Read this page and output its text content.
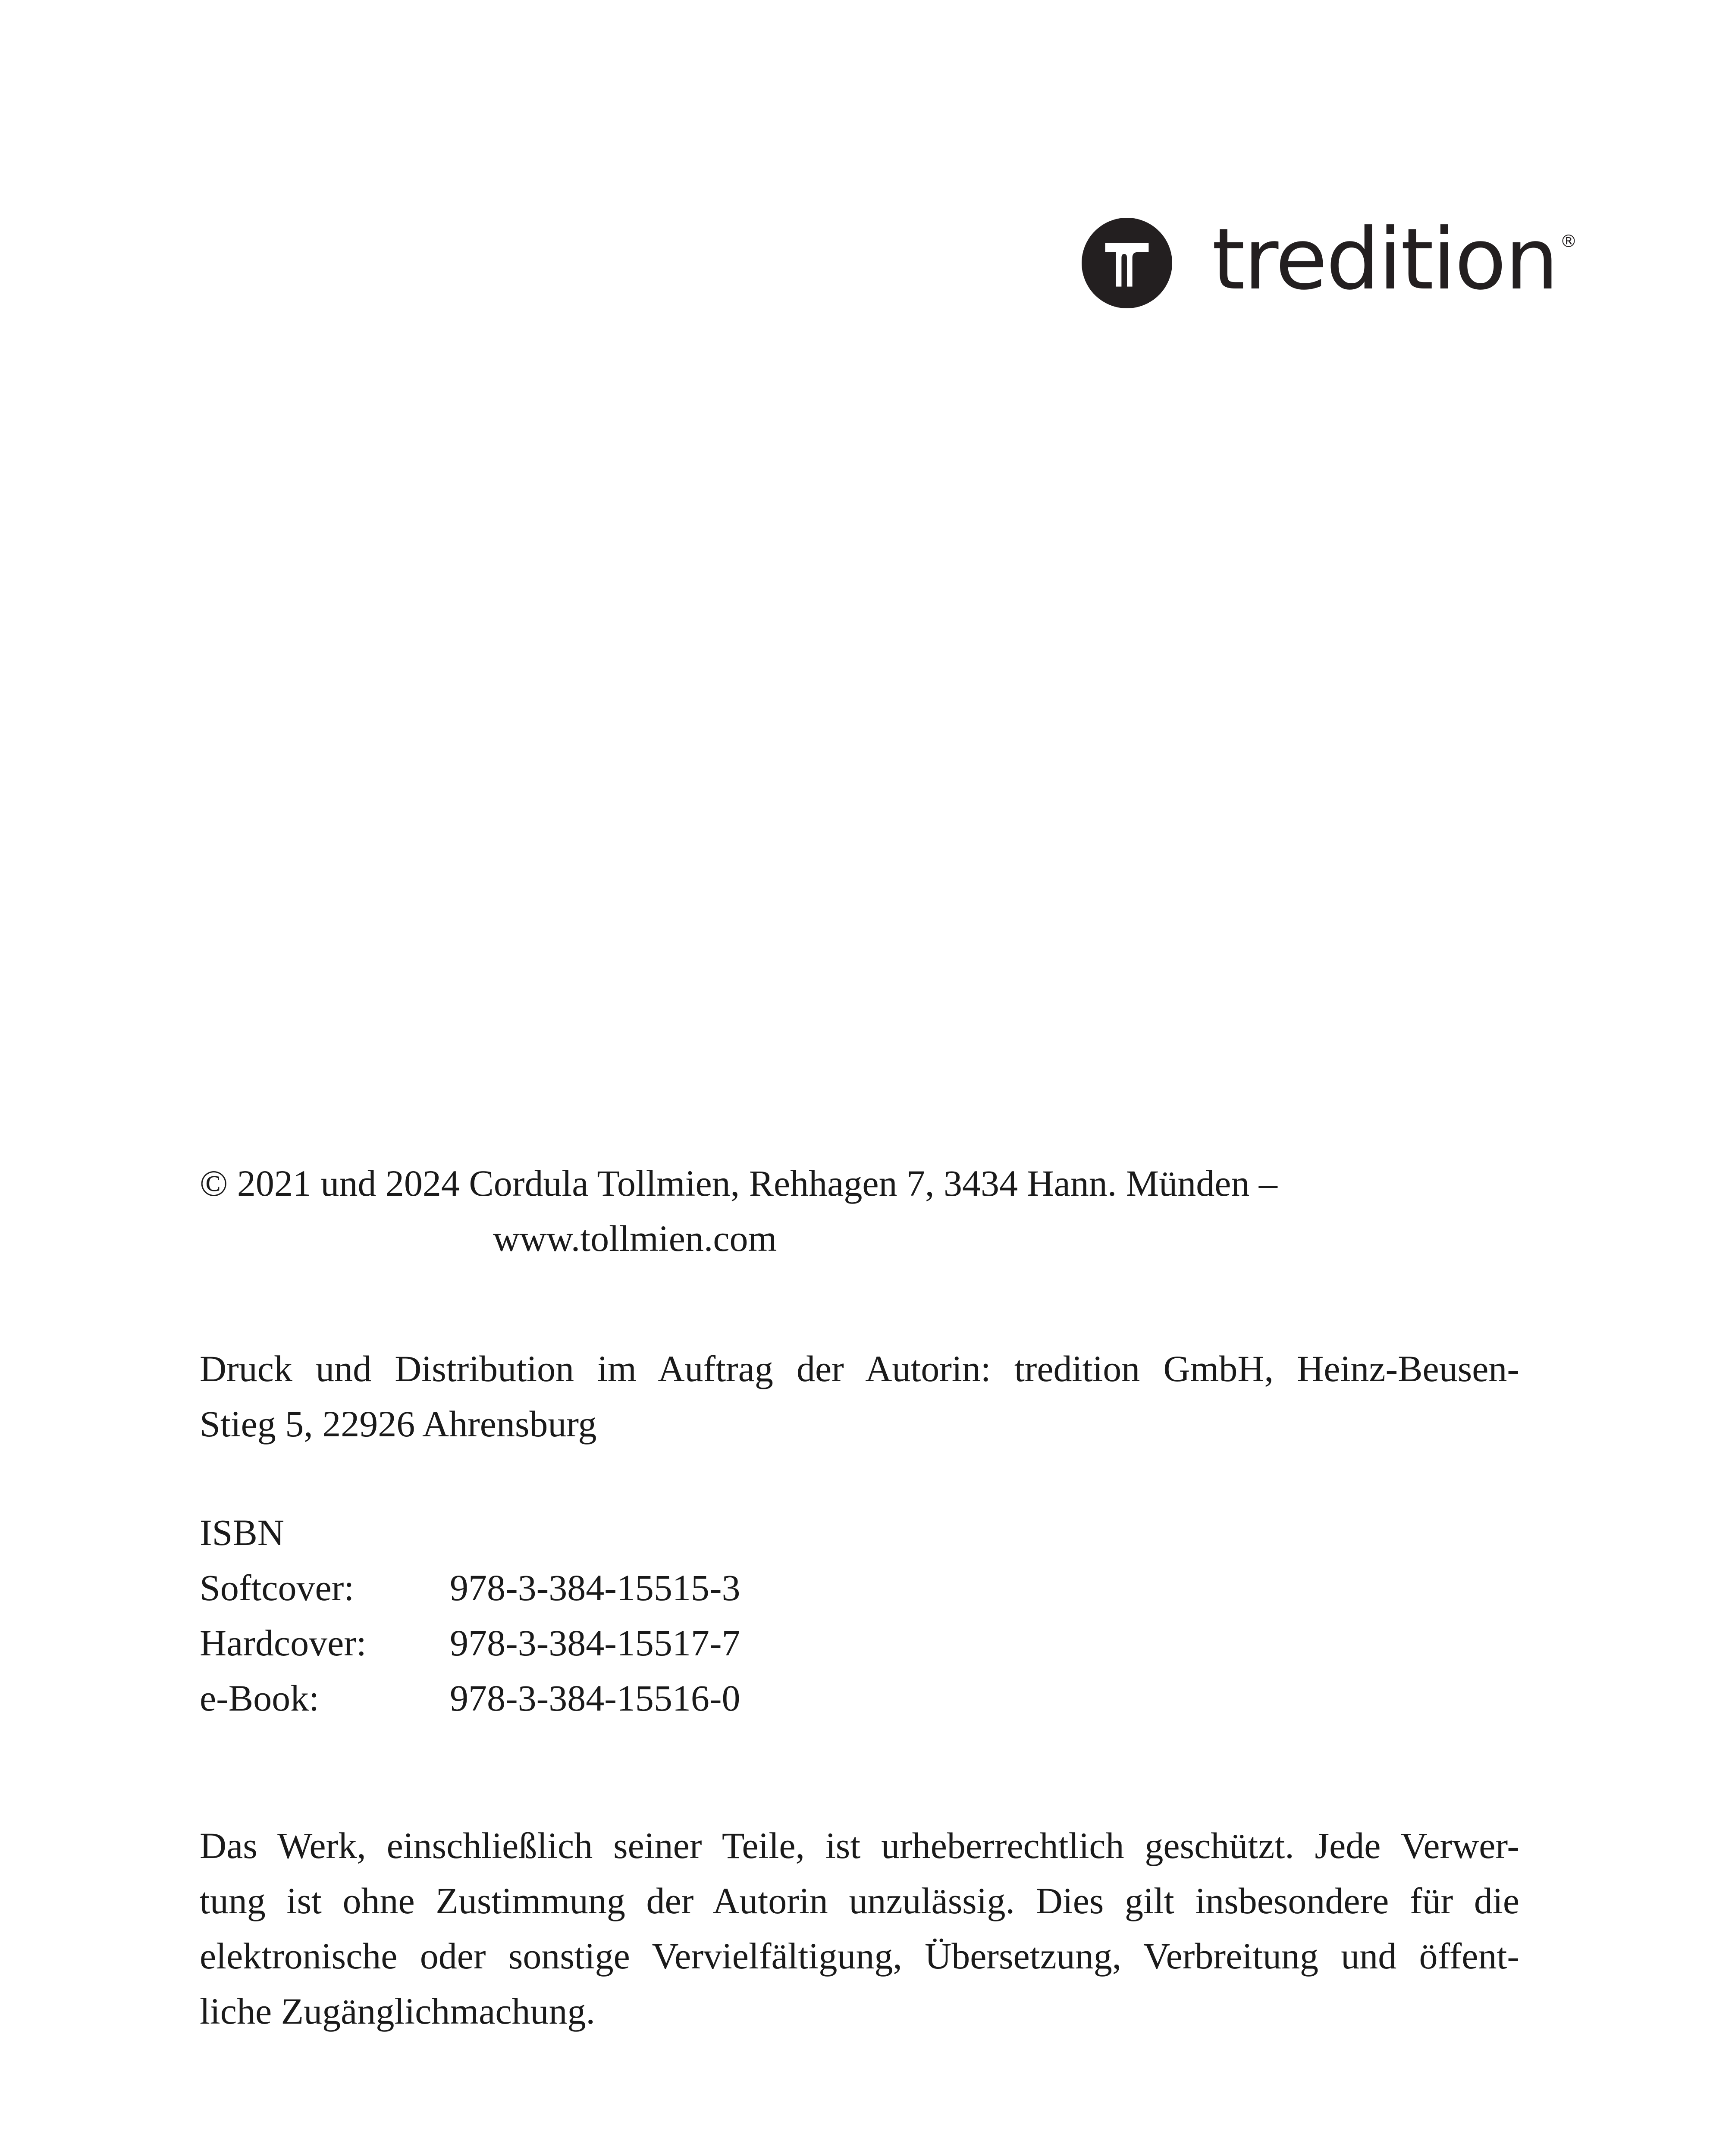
tredition ®
© 2021 und 2024 Cordula Tollmien, Rehhagen 7, 3434 Hann. Münden –
www.tollmien.com
Druck und Distribution im Auftrag der Autorin: tredition GmbH, Heinz-Beusen-
Stieg 5, 22926 Ahrensburg
ISBN
Softcover:	978-3-384-15515-3
Hardcover:	978-3-384-15517-7
e-Book:	978-3-384-15516-0
Das Werk, einschließlich seiner Teile, ist urheberrechtlich geschützt. Jede Verwer-
tung ist ohne Zustimmung der Autorin unzulässig. Dies gilt insbesondere für die
elektronische oder sonstige Vervielfältigung, Übersetzung, Verbreitung und öffent-
liche Zugänglichmachung.
